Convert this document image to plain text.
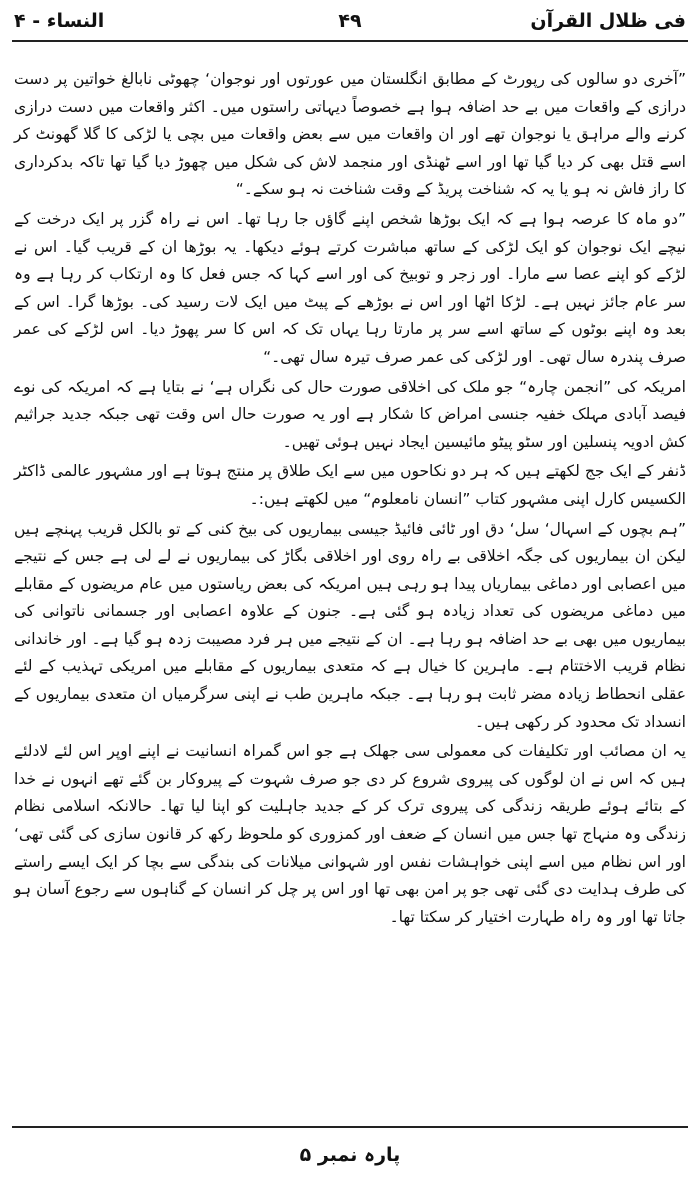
فی ظلال القرآن
۴۹
النساء - ۴

”آخری دو سالوں کی رپورٹ کے مطابق انگلستان میں عورتوں اور نوجوان‘ چھوٹی نابالغ خواتین پر دست درازی کے واقعات میں بے حد اضافہ ہوا ہے خصوصاً دیہاتی راستوں میں۔ اکثر واقعات میں دست درازی کرنے والے مراہق یا نوجوان تھے اور ان واقعات میں سے بعض واقعات میں بچی یا لڑکی کا گلا گھونٹ کر اسے قتل بھی کر دیا گیا تھا اور اسے ٹھنڈی اور منجمد لاش کی شکل میں چھوڑ دیا گیا تھا تاکہ بدکرداری کا راز فاش نہ ہو یا یہ کہ شناخت پریڈ کے وقت شناخت نہ ہو سکے۔“

”دو ماہ کا عرصہ ہوا ہے کہ ایک بوڑھا شخص اپنے گاؤں جا رہا تھا۔ اس نے راہ گزر پر ایک درخت کے نیچے ایک نوجوان کو ایک لڑکی کے ساتھ مباشرت کرتے ہوئے دیکھا۔ یہ بوڑھا ان کے قریب گیا۔ اس نے لڑکے کو اپنے عصا سے مارا۔ اور زجر و توبیخ کی اور اسے کہا کہ جس فعل کا وہ ارتکاب کر رہا ہے وہ سر عام جائز نہیں ہے۔ لڑکا اٹھا اور اس نے بوڑھے کے پیٹ میں ایک لات رسید کی۔ بوڑھا گرا۔ اس کے بعد وہ اپنے بوٹوں کے ساتھ اسے سر پر مارتا رہا یہاں تک کہ اس کا سر پھوڑ دیا۔ اس لڑکے کی عمر صرف پندرہ سال تھی۔ اور لڑکی کی عمر صرف تیرہ سال تھی۔“

امریکہ کی ”انجمن چارہ“ جو ملک کی اخلاقی صورت حال کی نگراں ہے‘ نے بتایا ہے کہ امریکہ کی نوے فیصد آبادی مہلک خفیہ جنسی امراض کا شکار ہے اور یہ صورت حال اس وقت تھی جبکہ جدید جراثیم کش ادویہ پنسلین اور سٹو پیٹو مائیسین ایجاد نہیں ہوئی تھیں۔

ڈنفر کے ایک جج لکھتے ہیں کہ ہر دو نکاحوں میں سے ایک طلاق پر منتج ہوتا ہے اور مشہور عالمی ڈاکٹر الکسیس کارل اپنی مشہور کتاب ”انسان نامعلوم“ میں لکھتے ہیں:۔

”ہم بچوں کے اسہال‘ سل‘ دق اور ٹائی فائیڈ جیسی بیماریوں کی بیخ کنی کے تو بالکل قریب پہنچے ہیں لیکن ان بیماریوں کی جگہ اخلاقی بے راہ روی اور اخلاقی بگاڑ کی بیماریوں نے لے لی ہے جس کے نتیجے میں اعصابی اور دماغی بیماریاں پیدا ہو رہی ہیں امریکہ کی بعض ریاستوں میں عام مریضوں کے مقابلے میں دماغی مریضوں کی تعداد زیادہ ہو گئی ہے۔ جنون کے علاوہ اعصابی اور جسمانی ناتوانی کی بیماریوں میں بھی بے حد اضافہ ہو رہا ہے۔ ان کے نتیجے میں ہر فرد مصیبت زدہ ہو گیا ہے۔ اور خاندانی نظام قریب الاختتام ہے۔ ماہرین کا خیال ہے کہ متعدی بیماریوں کے مقابلے میں امریکی تہذیب کے لئے عقلی انحطاط زیادہ مضر ثابت ہو رہا ہے۔ جبکہ ماہرین طب نے اپنی سرگرمیاں ان متعدی بیماریوں کے انسداد تک محدود کر رکھی ہیں۔

یہ ان مصائب اور تکلیفات کی معمولی سی جھلک ہے جو اس گمراہ انسانیت نے اپنے اوپر اس لئے لادلئے ہیں کہ اس نے ان لوگوں کی پیروی شروع کر دی جو صرف شہوت کے پیروکار بن گئے تھے انہوں نے خدا کے بتائے ہوئے طریقہ زندگی کی پیروی ترک کر کے جدید جاہلیت کو اپنا لیا تھا۔ حالانکہ اسلامی نظام زندگی وہ منہاج تھا جس میں انسان کے ضعف اور کمزوری کو ملحوظ رکھ کر قانون سازی کی گئی تھی‘ اور اس نظام میں اسے اپنی خواہشات نفس اور شہوانی میلانات کی بندگی سے بچا کر ایک ایسے راستے کی طرف ہدایت دی گئی تھی جو پر امن بھی تھا اور اس پر چل کر انسان کے گناہوں سے رجوع آسان ہو جاتا تھا اور وہ راہ طہارت اختیار کر سکتا تھا۔

پارہ نمبر ۵
